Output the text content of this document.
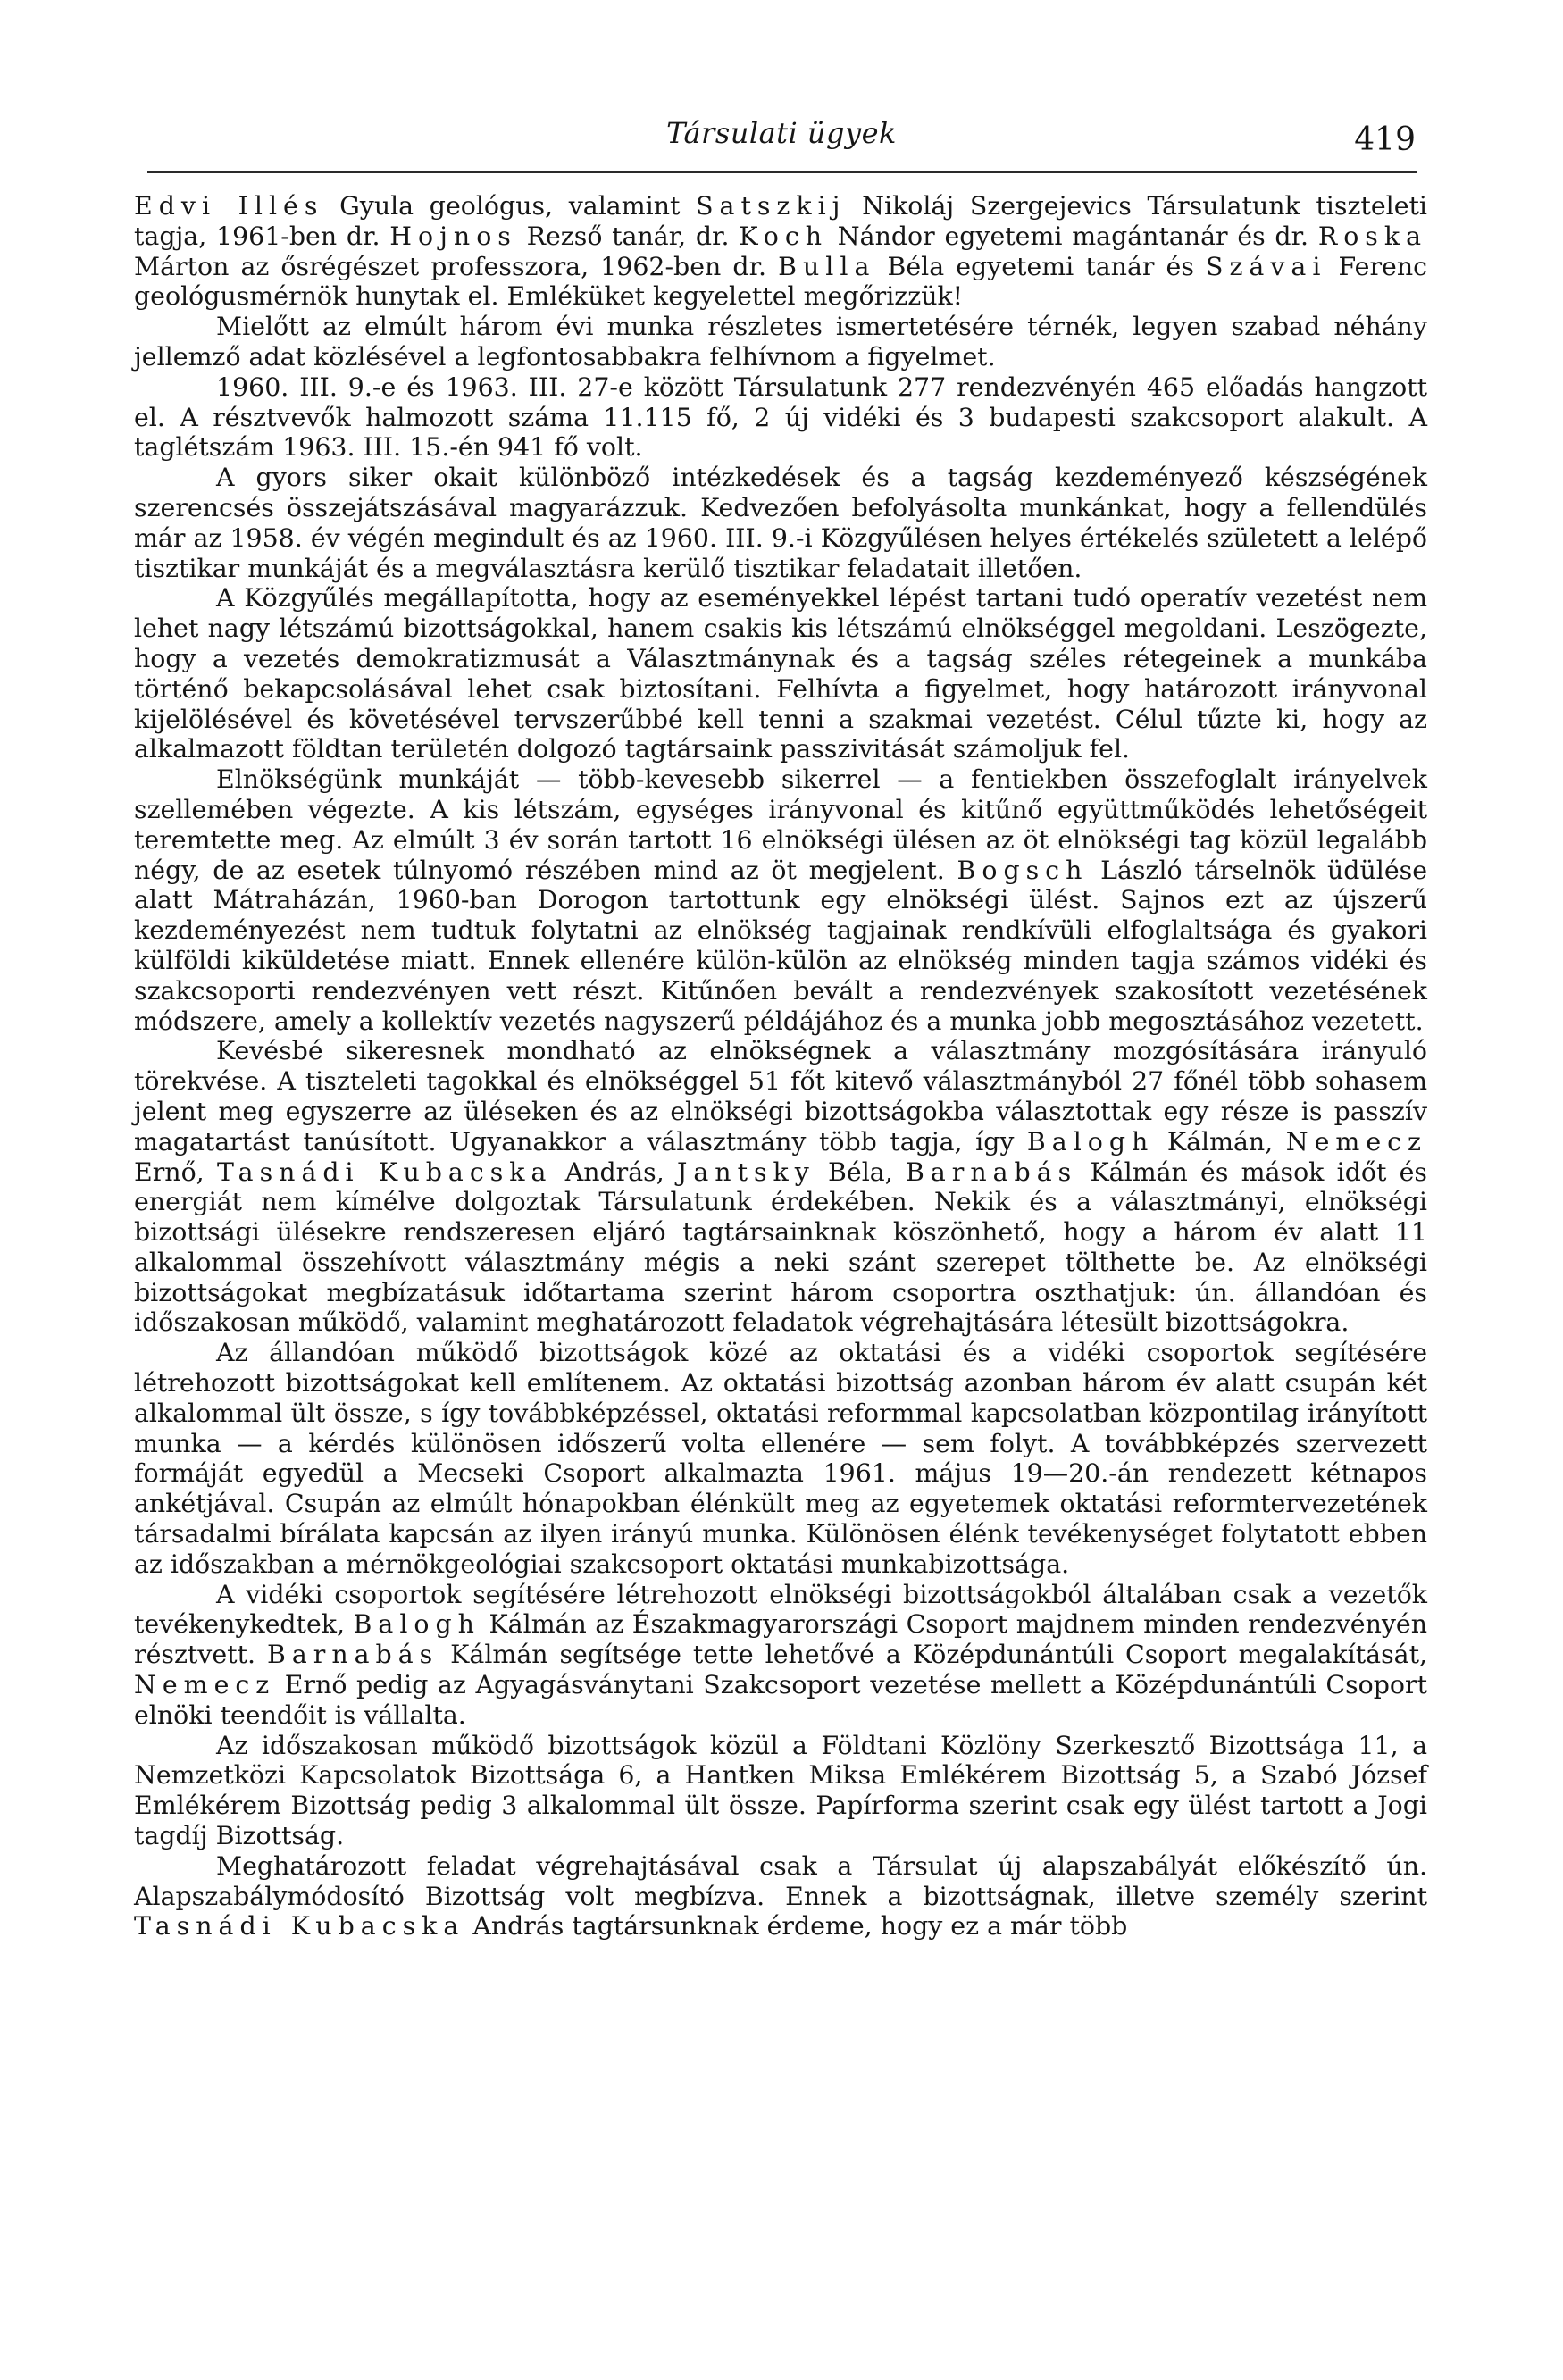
Társulati ügyek	419

Edvi Illés Gyula geológus, valamint Satszkij Nikoláj Szergejevics Társulatunk tiszteleti tagja, 1961-ben dr. Hojnos Rezső tanár, dr. Koch Nándor egyetemi magántanár és dr. Roska Márton az ősrégészet professzora, 1962-ben dr. Bulla Béla egyetemi tanár és Szávai Ferenc geológusmérnök hunytak el. Emléküket kegyelettel megőrizzük!

Mielőtt az elmúlt három évi munka részletes ismertetésére térnék, legyen szabad néhány jellemző adat közlésével a legfontosabbakra felhívnom a figyelmet.

1960. III. 9.-e és 1963. III. 27-e között Társulatunk 277 rendezvényén 465 előadás hangzott el. A résztvevők halmozott száma 11.115 fő, 2 új vidéki és 3 budapesti szakcsoport alakult. A taglétszám 1963. III. 15.-én 941 fő volt.

A gyors siker okait különböző intézkedések és a tagság kezdeményező készségének szerencsés összejátszásával magyarázzuk. Kedvezően befolyásolta munkánkat, hogy a fellendülés már az 1958. év végén megindult és az 1960. III. 9.-i Közgyűlésen helyes értékelés született a lelépő tisztikar munkáját és a megválasztásra kerülő tisztikar feladatait illetően.

A Közgyűlés megállapította, hogy az eseményekkel lépést tartani tudó operatív vezetést nem lehet nagy létszámú bizottságokkal, hanem csakis kis létszámú elnökséggel megoldani. Leszögezte, hogy a vezetés demokratizmusát a Választmánynak és a tagság széles rétegeinek a munkába történő bekapcsolásával lehet csak biztosítani. Felhívta a figyelmet, hogy határozott irányvonal kijelölésével és követésével tervszerűbbé kell tenni a szakmai vezetést. Célul tűzte ki, hogy az alkalmazott földtan területén dolgozó tagtársaink passzivitását számoljuk fel.

Elnökségünk munkáját — több-kevesebb sikerrel — a fentiekben összefoglalt irányelvek szellemében végezte. A kis létszám, egységes irányvonal és kitűnő együttműködés lehetőségeit teremtette meg. Az elmúlt 3 év során tartott 16 elnökségi ülésen az öt elnökségi tag közül legalább négy, de az esetek túlnyomó részében mind az öt megjelent. Bogsch László társelnök üdülése alatt Mátraházán, 1960-ban Dorogon tartottunk egy elnökségi ülést. Sajnos ezt az újszerű kezdeményezést nem tudtuk folytatni az elnökség tagjainak rendkívüli elfoglaltsága és gyakori külföldi kiküldetése miatt. Ennek ellenére külön-külön az elnökség minden tagja számos vidéki és szakcsoporti rendezvényen vett részt. Kitűnően bevált a rendezvények szakosított vezetésének módszere, amely a kollektív vezetés nagyszerű példájához és a munka jobb megosztásához vezetett.

Kevésbé sikeresnek mondható az elnökségnek a választmány mozgósítására irányuló törekvése. A tiszteleti tagokkal és elnökséggel 51 főt kitevő választmányból 27 főnél több sohasem jelent meg egyszerre az üléseken és az elnökségi bizottságokba választottak egy része is passzív magatartást tanúsított. Ugyanakkor a választmány több tagja, így Balogh Kálmán, Nemecz Ernő, Tasnádi Kubacska András, Jantsky Béla, Barnabás Kálmán és mások időt és energiát nem kímélve dolgoztak Társulatunk érdekében. Nekik és a választmányi, elnökségi bizottsági ülésekre rendszeresen eljáró tagtársainknak köszönhető, hogy a három év alatt 11 alkalommal összehívott választmány mégis a neki szánt szerepet tölthette be. Az elnökségi bizottságokat megbízatásuk időtartama szerint három csoportra oszthatjuk: ún. állandóan és időszakosan működő, valamint meghatározott feladatok végrehajtására létesült bizottságokra.

Az állandóan működő bizottságok közé az oktatási és a vidéki csoportok segítésére létrehozott bizottságokat kell említenem. Az oktatási bizottság azonban három év alatt csupán két alkalommal ült össze, s így továbbképzéssel, oktatási reformmal kapcsolatban központilag irányított munka — a kérdés különösen időszerű volta ellenére — sem folyt. A továbbképzés szervezett formáját egyedül a Mecseki Csoport alkalmazta 1961. május 19—20.-án rendezett kétnapos ankétjával. Csupán az elmúlt hónapokban élénkült meg az egyetemek oktatási reformtervezetének társadalmi bírálata kapcsán az ilyen irányú munka. Különösen élénk tevékenységet folytatott ebben az időszakban a mérnökgeológiai szakcsoport oktatási munkabizottsága.

A vidéki csoportok segítésére létrehozott elnökségi bizottságokból általában csak a vezetők tevékenykedtek, Balogh Kálmán az Északmagyarországi Csoport majdnem minden rendezvényén résztvett. Barnabás Kálmán segítsége tette lehetővé a Középdunántúli Csoport megalakítását, Nemecz Ernő pedig az Agyagásványtani Szakcsoport vezetése mellett a Középdunántúli Csoport elnöki teendőit is vállalta.

Az időszakosan működő bizottságok közül a Földtani Közlöny Szerkesztő Bizottsága 11, a Nemzetközi Kapcsolatok Bizottsága 6, a Hantken Miksa Emlékérem Bizottság 5, a Szabó József Emlékérem Bizottság pedig 3 alkalommal ült össze. Papírforma szerint csak egy ülést tartott a Jogi tagdíj Bizottság.

Meghatározott feladat végrehajtásával csak a Társulat új alapszabályát előkészítő ún. Alapszabálymódosító Bizottság volt megbízva. Ennek a bizottságnak, illetve személy szerint Tasnádi Kubacska András tagtársunknak érdeme, hogy ez a már több
